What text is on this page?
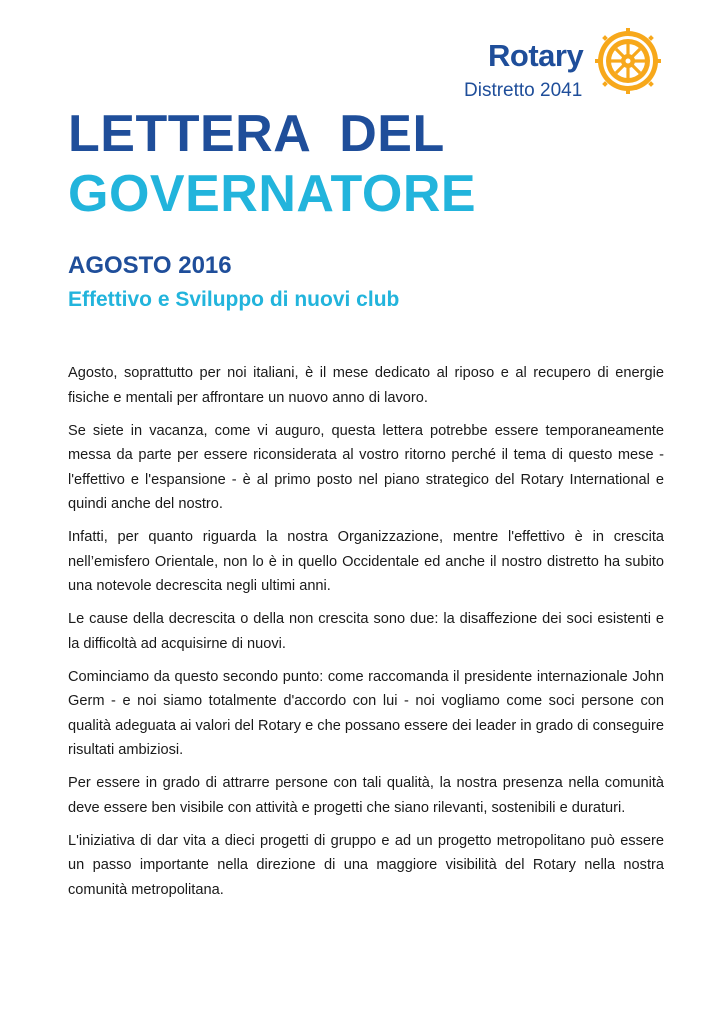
Rotary
Distretto 2041
LETTERA  DEL
GOVERNATORE
AGOSTO 2016
Effettivo e Sviluppo di nuovi club

Agosto, soprattutto per noi italiani, è il mese dedicato al riposo e al recupero di energie fisiche e mentali per affrontare un nuovo anno di lavoro.

Se siete in vacanza, come vi auguro, questa lettera potrebbe essere temporaneamente messa da parte per essere riconsiderata al vostro ritorno perché il tema di questo mese - l'effettivo e l'espansione - è al primo posto nel piano strategico del Rotary International e quindi anche del nostro.

Infatti, per quanto riguarda la nostra Organizzazione, mentre l'effettivo è in crescita nell’emisfero Orientale, non lo è in quello Occidentale ed anche il nostro distretto ha subito una notevole decrescita negli ultimi anni.

Le cause della decrescita o della non crescita sono due: la disaffezione dei soci esistenti e la difficoltà ad acquisirne di nuovi.

Cominciamo da questo secondo punto: come raccomanda il presidente internazionale John Germ - e noi siamo totalmente d'accordo con lui - noi vogliamo come soci persone con qualità adeguata ai valori del Rotary e che possano essere dei leader in grado di conseguire risultati ambiziosi.

Per essere in grado di attrarre persone con tali qualità, la nostra presenza nella comunità deve essere ben visibile con attività e progetti che siano rilevanti, sostenibili e duraturi.

L'iniziativa di dar vita a dieci progetti di gruppo e ad un progetto metropolitano può essere un passo importante nella direzione di una maggiore visibilità del Rotary nella nostra comunità metropolitana.
